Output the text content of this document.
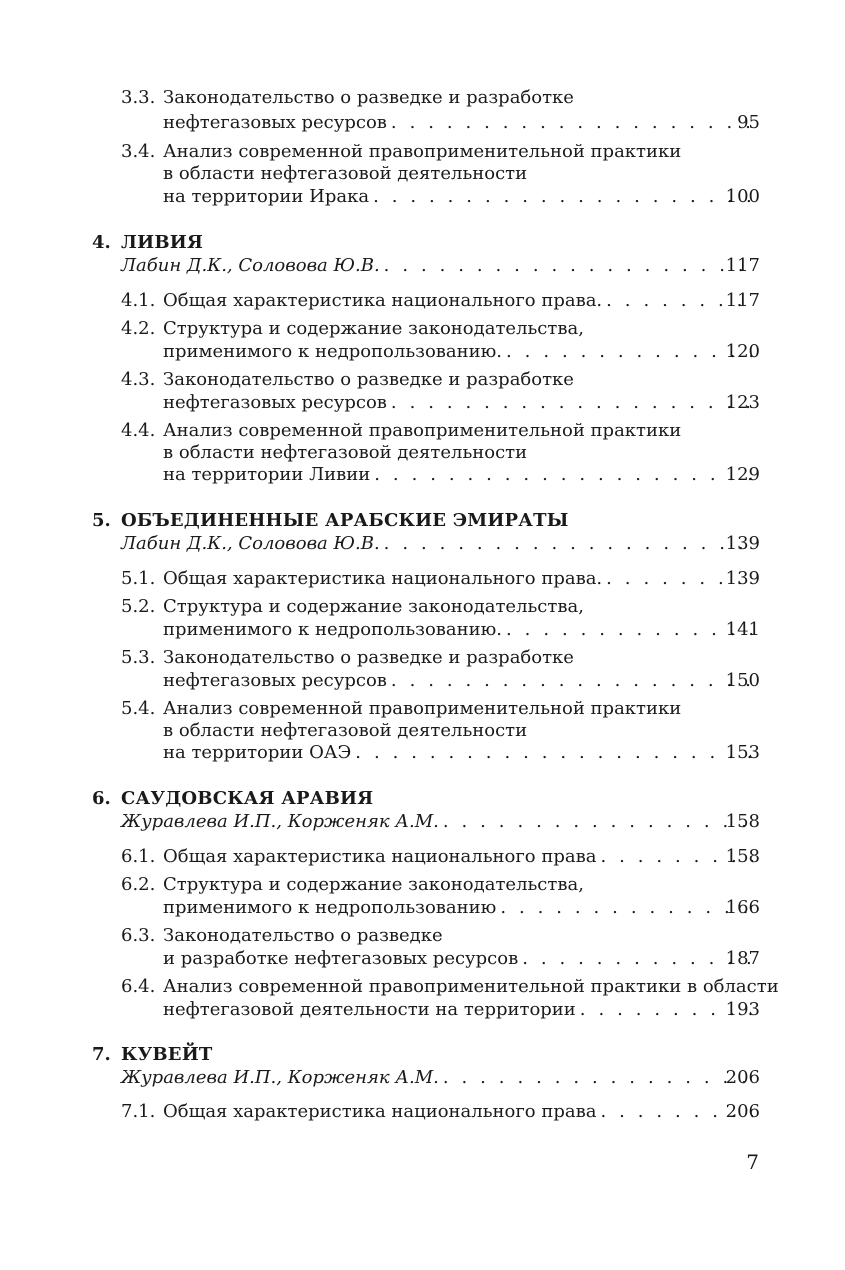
3.3. Законодательство о разведке и разработке
нефтегазовых ресурсов . . .	95
3.4. Анализ современной правоприменительной практики
в области нефтегазовой деятельности
на территории Ирака . . .	100
4. ЛИВИЯ
Лабин Д.К., Соловова Ю.В. . . .	117
4.1. Общая характеристика национального права. . . .	117
4.2. Структура и содержание законодательства,
применимого к недропользованию. . . .	120
4.3. Законодательство о разведке и разработке
нефтегазовых ресурсов . . .	123
4.4. Анализ современной правоприменительной практики
в области нефтегазовой деятельности
на территории Ливии . . .	129
5. ОБЪЕДИНЕННЫЕ АРАБСКИЕ ЭМИРАТЫ
Лабин Д.К., Соловова Ю.В. . . .	139
5.1. Общая характеристика национального права. . . .	139
5.2. Структура и содержание законодательства,
применимого к недропользованию. . . .	141
5.3. Законодательство о разведке и разработке
нефтегазовых ресурсов . . .	150
5.4. Анализ современной правоприменительной практики
в области нефтегазовой деятельности
на территории ОАЭ . . .	153
6. САУДОВСКАЯ АРАВИЯ
Журавлева И.П., Корженяк А.М. . . .	158
6.1. Общая характеристика национального права . . .	158
6.2. Структура и содержание законодательства,
применимого к недропользованию . . .	166
6.3. Законодательство о разведке
и разработке нефтегазовых ресурсов . . .	187
6.4. Анализ современной правоприменительной практики в области
нефтегазовой деятельности на территории . . .	193
7. КУВЕЙТ
Журавлева И.П., Корженяк А.М. . . .	206
7.1. Общая характеристика национального права . . .	206
7
